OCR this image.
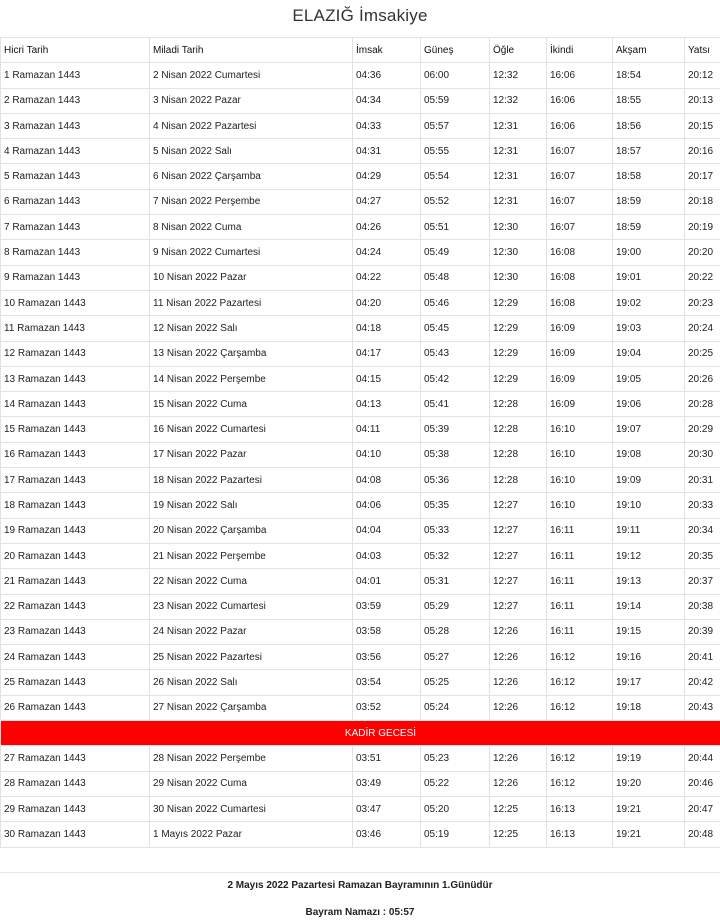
ELAZIĞ İmsakiye
Hicri Tarih	Miladi Tarih	İmsak	Güneş	Öğle	İkindi	Akşam	Yatsı
1 Ramazan 1443	2 Nisan 2022 Cumartesi	04:36	06:00	12:32	16:06	18:54	20:12
2 Ramazan 1443	3 Nisan 2022 Pazar	04:34	05:59	12:32	16:06	18:55	20:13
3 Ramazan 1443	4 Nisan 2022 Pazartesi	04:33	05:57	12:31	16:06	18:56	20:15
4 Ramazan 1443	5 Nisan 2022 Salı	04:31	05:55	12:31	16:07	18:57	20:16
5 Ramazan 1443	6 Nisan 2022 Çarşamba	04:29	05:54	12:31	16:07	18:58	20:17
6 Ramazan 1443	7 Nisan 2022 Perşembe	04:27	05:52	12:31	16:07	18:59	20:18
7 Ramazan 1443	8 Nisan 2022 Cuma	04:26	05:51	12:30	16:07	18:59	20:19
8 Ramazan 1443	9 Nisan 2022 Cumartesi	04:24	05:49	12:30	16:08	19:00	20:20
9 Ramazan 1443	10 Nisan 2022 Pazar	04:22	05:48	12:30	16:08	19:01	20:22
10 Ramazan 1443	11 Nisan 2022 Pazartesi	04:20	05:46	12:29	16:08	19:02	20:23
11 Ramazan 1443	12 Nisan 2022 Salı	04:18	05:45	12:29	16:09	19:03	20:24
12 Ramazan 1443	13 Nisan 2022 Çarşamba	04:17	05:43	12:29	16:09	19:04	20:25
13 Ramazan 1443	14 Nisan 2022 Perşembe	04:15	05:42	12:29	16:09	19:05	20:26
14 Ramazan 1443	15 Nisan 2022 Cuma	04:13	05:41	12:28	16:09	19:06	20:28
15 Ramazan 1443	16 Nisan 2022 Cumartesi	04:11	05:39	12:28	16:10	19:07	20:29
16 Ramazan 1443	17 Nisan 2022 Pazar	04:10	05:38	12:28	16:10	19:08	20:30
17 Ramazan 1443	18 Nisan 2022 Pazartesi	04:08	05:36	12:28	16:10	19:09	20:31
18 Ramazan 1443	19 Nisan 2022 Salı	04:06	05:35	12:27	16:10	19:10	20:33
19 Ramazan 1443	20 Nisan 2022 Çarşamba	04:04	05:33	12:27	16:11	19:11	20:34
20 Ramazan 1443	21 Nisan 2022 Perşembe	04:03	05:32	12:27	16:11	19:12	20:35
21 Ramazan 1443	22 Nisan 2022 Cuma	04:01	05:31	12:27	16:11	19:13	20:37
22 Ramazan 1443	23 Nisan 2022 Cumartesi	03:59	05:29	12:27	16:11	19:14	20:38
23 Ramazan 1443	24 Nisan 2022 Pazar	03:58	05:28	12:26	16:11	19:15	20:39
24 Ramazan 1443	25 Nisan 2022 Pazartesi	03:56	05:27	12:26	16:12	19:16	20:41
25 Ramazan 1443	26 Nisan 2022 Salı	03:54	05:25	12:26	16:12	19:17	20:42
26 Ramazan 1443	27 Nisan 2022 Çarşamba	03:52	05:24	12:26	16:12	19:18	20:43
KADİR GECESİ							
27 Ramazan 1443	28 Nisan 2022 Perşembe	03:51	05:23	12:26	16:12	19:19	20:44
28 Ramazan 1443	29 Nisan 2022 Cuma	03:49	05:22	12:26	16:12	19:20	20:46
29 Ramazan 1443	30 Nisan 2022 Cumartesi	03:47	05:20	12:25	16:13	19:21	20:47
30 Ramazan 1443	1 Mayıs 2022 Pazar	03:46	05:19	12:25	16:13	19:21	20:48
2 Mayıs 2022 Pazartesi Ramazan Bayramının 1.Günüdür
Bayram Namazı : 05:57
